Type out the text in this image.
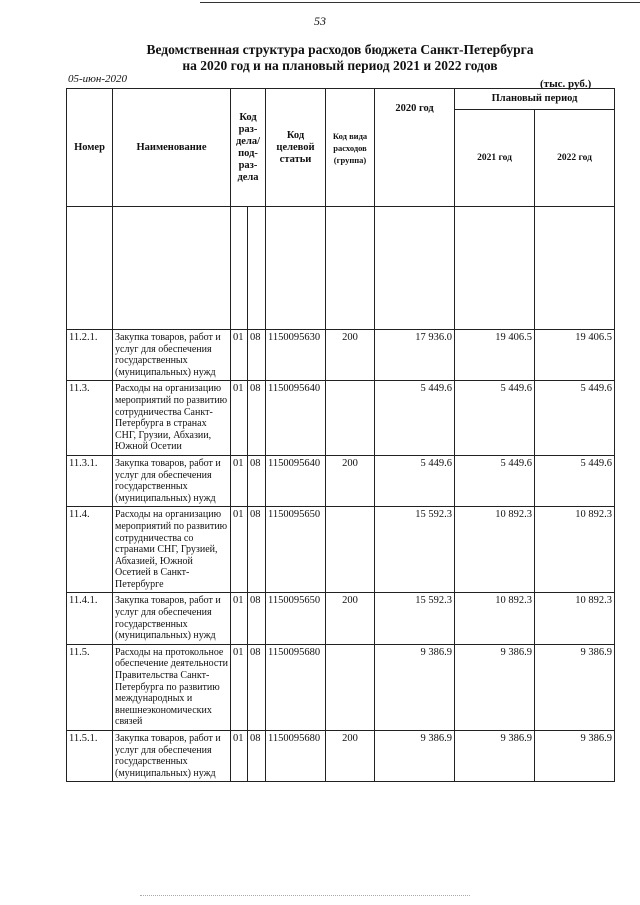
53
Ведомственная структура расходов бюджета Санкт-Петербурга
на 2020 год и на плановый период 2021 и 2022 годов
05-июн-2020	(тыс. руб.)
Номер	Наименование	Код раз- дела/ под- раз- дела		Код целевой статьи	Код вида расходов (группа)	2020 год	Плановый период	
							2021 год	2022 год

11.2.1.	Закупка товаров, работ и услуг для обеспечения государственных (муниципальных) нужд	01	08	1150095630	200	17 936.0	19 406.5	19 406.5
11.3.	Расходы на организацию мероприятий по развитию сотрудничества Санкт-Петербурга в странах СНГ, Грузии, Абхазии, Южной Осетии	01	08	1150095640		5 449.6	5 449.6	5 449.6
11.3.1.	Закупка товаров, работ и услуг для обеспечения государственных (муниципальных) нужд	01	08	1150095640	200	5 449.6	5 449.6	5 449.6
11.4.	Расходы на организацию мероприятий по развитию сотрудничества со странами СНГ, Грузией, Абхазией, Южной Осетией в Санкт-Петербурге	01	08	1150095650		15 592.3	10 892.3	10 892.3
11.4.1.	Закупка товаров, работ и услуг для обеспечения государственных (муниципальных) нужд	01	08	1150095650	200	15 592.3	10 892.3	10 892.3
11.5.	Расходы на протокольное обеспечение деятельности Правительства Санкт-Петербурга по развитию международных и внешнеэкономических связей	01	08	1150095680		9 386.9	9 386.9	9 386.9
11.5.1.	Закупка товаров, работ и услуг для обеспечения государственных (муниципальных) нужд	01	08	1150095680	200	9 386.9	9 386.9	9 386.9
